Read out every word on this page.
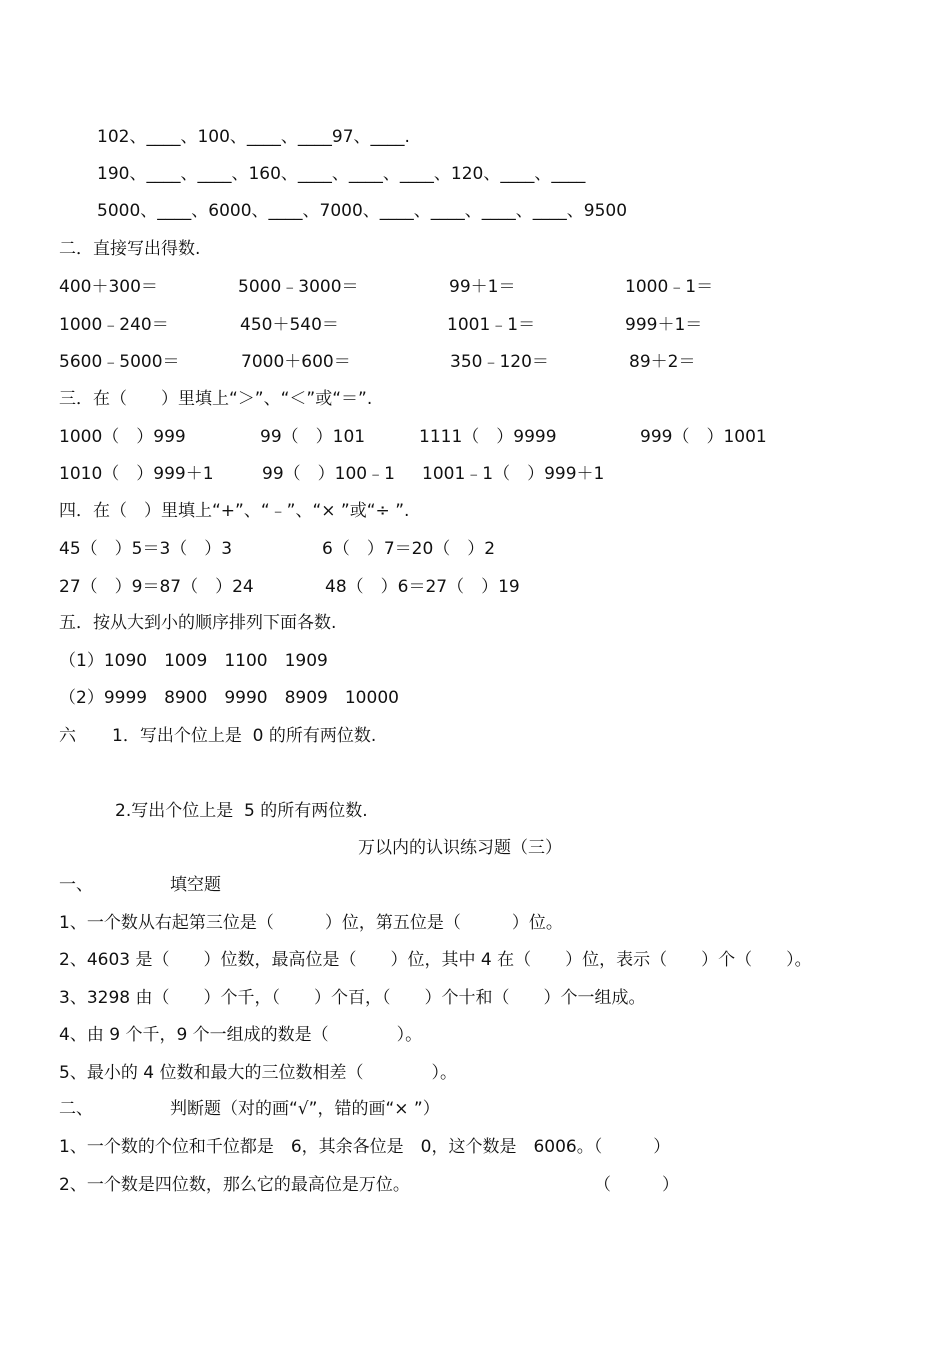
102、____、100、____、____97、____.
190、____、____、160、____、____、____、120、____、____
5000、____、6000、____、7000、____、____、____、____、9500
二．直接写出得数.
400＋300＝	5000﹣3000＝	99＋1＝	1000﹣1＝
1000﹣240＝	450＋540＝	1001﹣1＝	999＋1＝
5600﹣5000＝	7000＋600＝	350﹣120＝	89＋2＝
三．在（　　）里填上“＞”、“＜”或“＝”.
1000（　）999	99（　）101	1111（　）9999	999（　）1001
1010（　）999＋1	99（　）100﹣1 1001﹣1（　）999＋1
四．在（　）里填上“+”、“﹣”、“× ”或“÷ ”.
45（　）5＝3（　）3	6（　）7＝20（　）2
27（　）9＝87（　）24	48（　）6＝27（　）19
五．按从大到小的顺序排列下面各数.
（1）1090　1009　1100　1909
（2）9999　8900　9990　8909　10000
六 1．写出个位上是  0 的所有两位数.
2.写出个位上是  5 的所有两位数.
万以内的认识练习题（三）
一、	填空题
1、一个数从右起第三位是（　　　）位，第五位是（　　　）位。
2、4603 是（　　）位数，最高位是（　　）位，其中 4 在（　　）位，表示（　　）个（　　）。
3、3298 由（　　）个千，（　　）个百，（　　）个十和（　　）个一组成。
4、由 9 个千，9 个一组成的数是（　　　　）。
5、最小的 4 位数和最大的三位数相差（　　　　）。
二、	判断题（对的画“√”，错的画“× ”）
1、一个数的个位和千位都是　6，其余各位是　0，这个数是　6006。（　　　）
2、一个数是四位数，那么它的最高位是万位。	（　　　）
